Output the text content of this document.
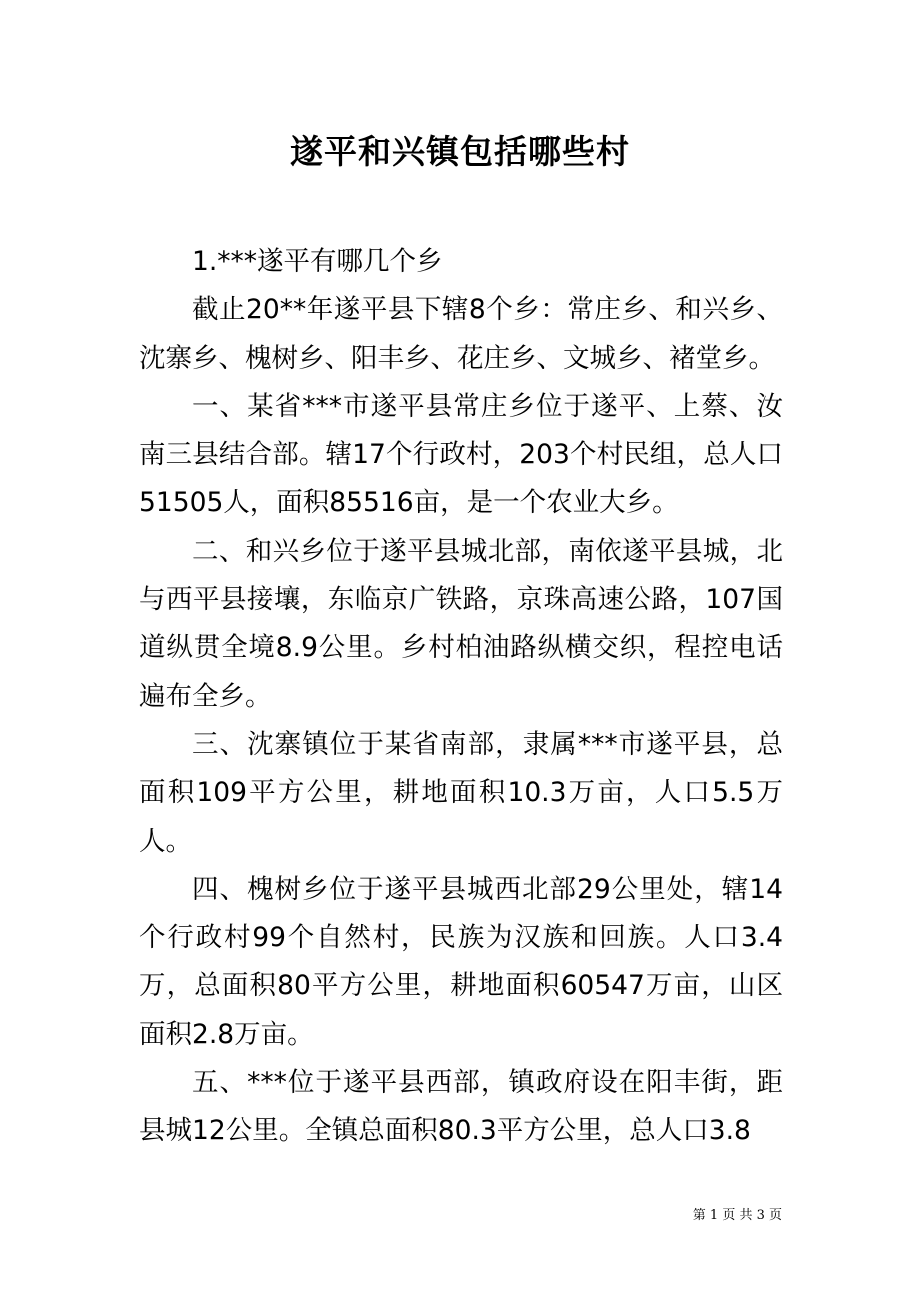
遂平和兴镇包括哪些村

1.***遂平有哪几个乡

截止20**年遂平县下辖8个乡：常庄乡、和兴乡、沈寨乡、槐树乡、阳丰乡、花庄乡、文城乡、褚堂乡。

一、某省***市遂平县常庄乡位于遂平、上蔡、汝南三县结合部。辖17个行政村，203个村民组，总人口51505人，面积85516亩，是一个农业大乡。

二、和兴乡位于遂平县城北部，南依遂平县城，北与西平县接壤，东临京广铁路，京珠高速公路，107国道纵贯全境8.9公里。乡村柏油路纵横交织，程控电话遍布全乡。

三、沈寨镇位于某省南部，隶属***市遂平县，总面积109平方公里，耕地面积10.3万亩，人口5.5万人。

四、槐树乡位于遂平县城西北部29公里处，辖14个行政村99个自然村，民族为汉族和回族。人口3.4万，总面积80平方公里，耕地面积60547万亩，山区面积2.8万亩。

五、***位于遂平县西部，镇政府设在阳丰街，距县城12公里。全镇总面积80.3平方公里，总人口3.8

第 1 页 共 3 页
